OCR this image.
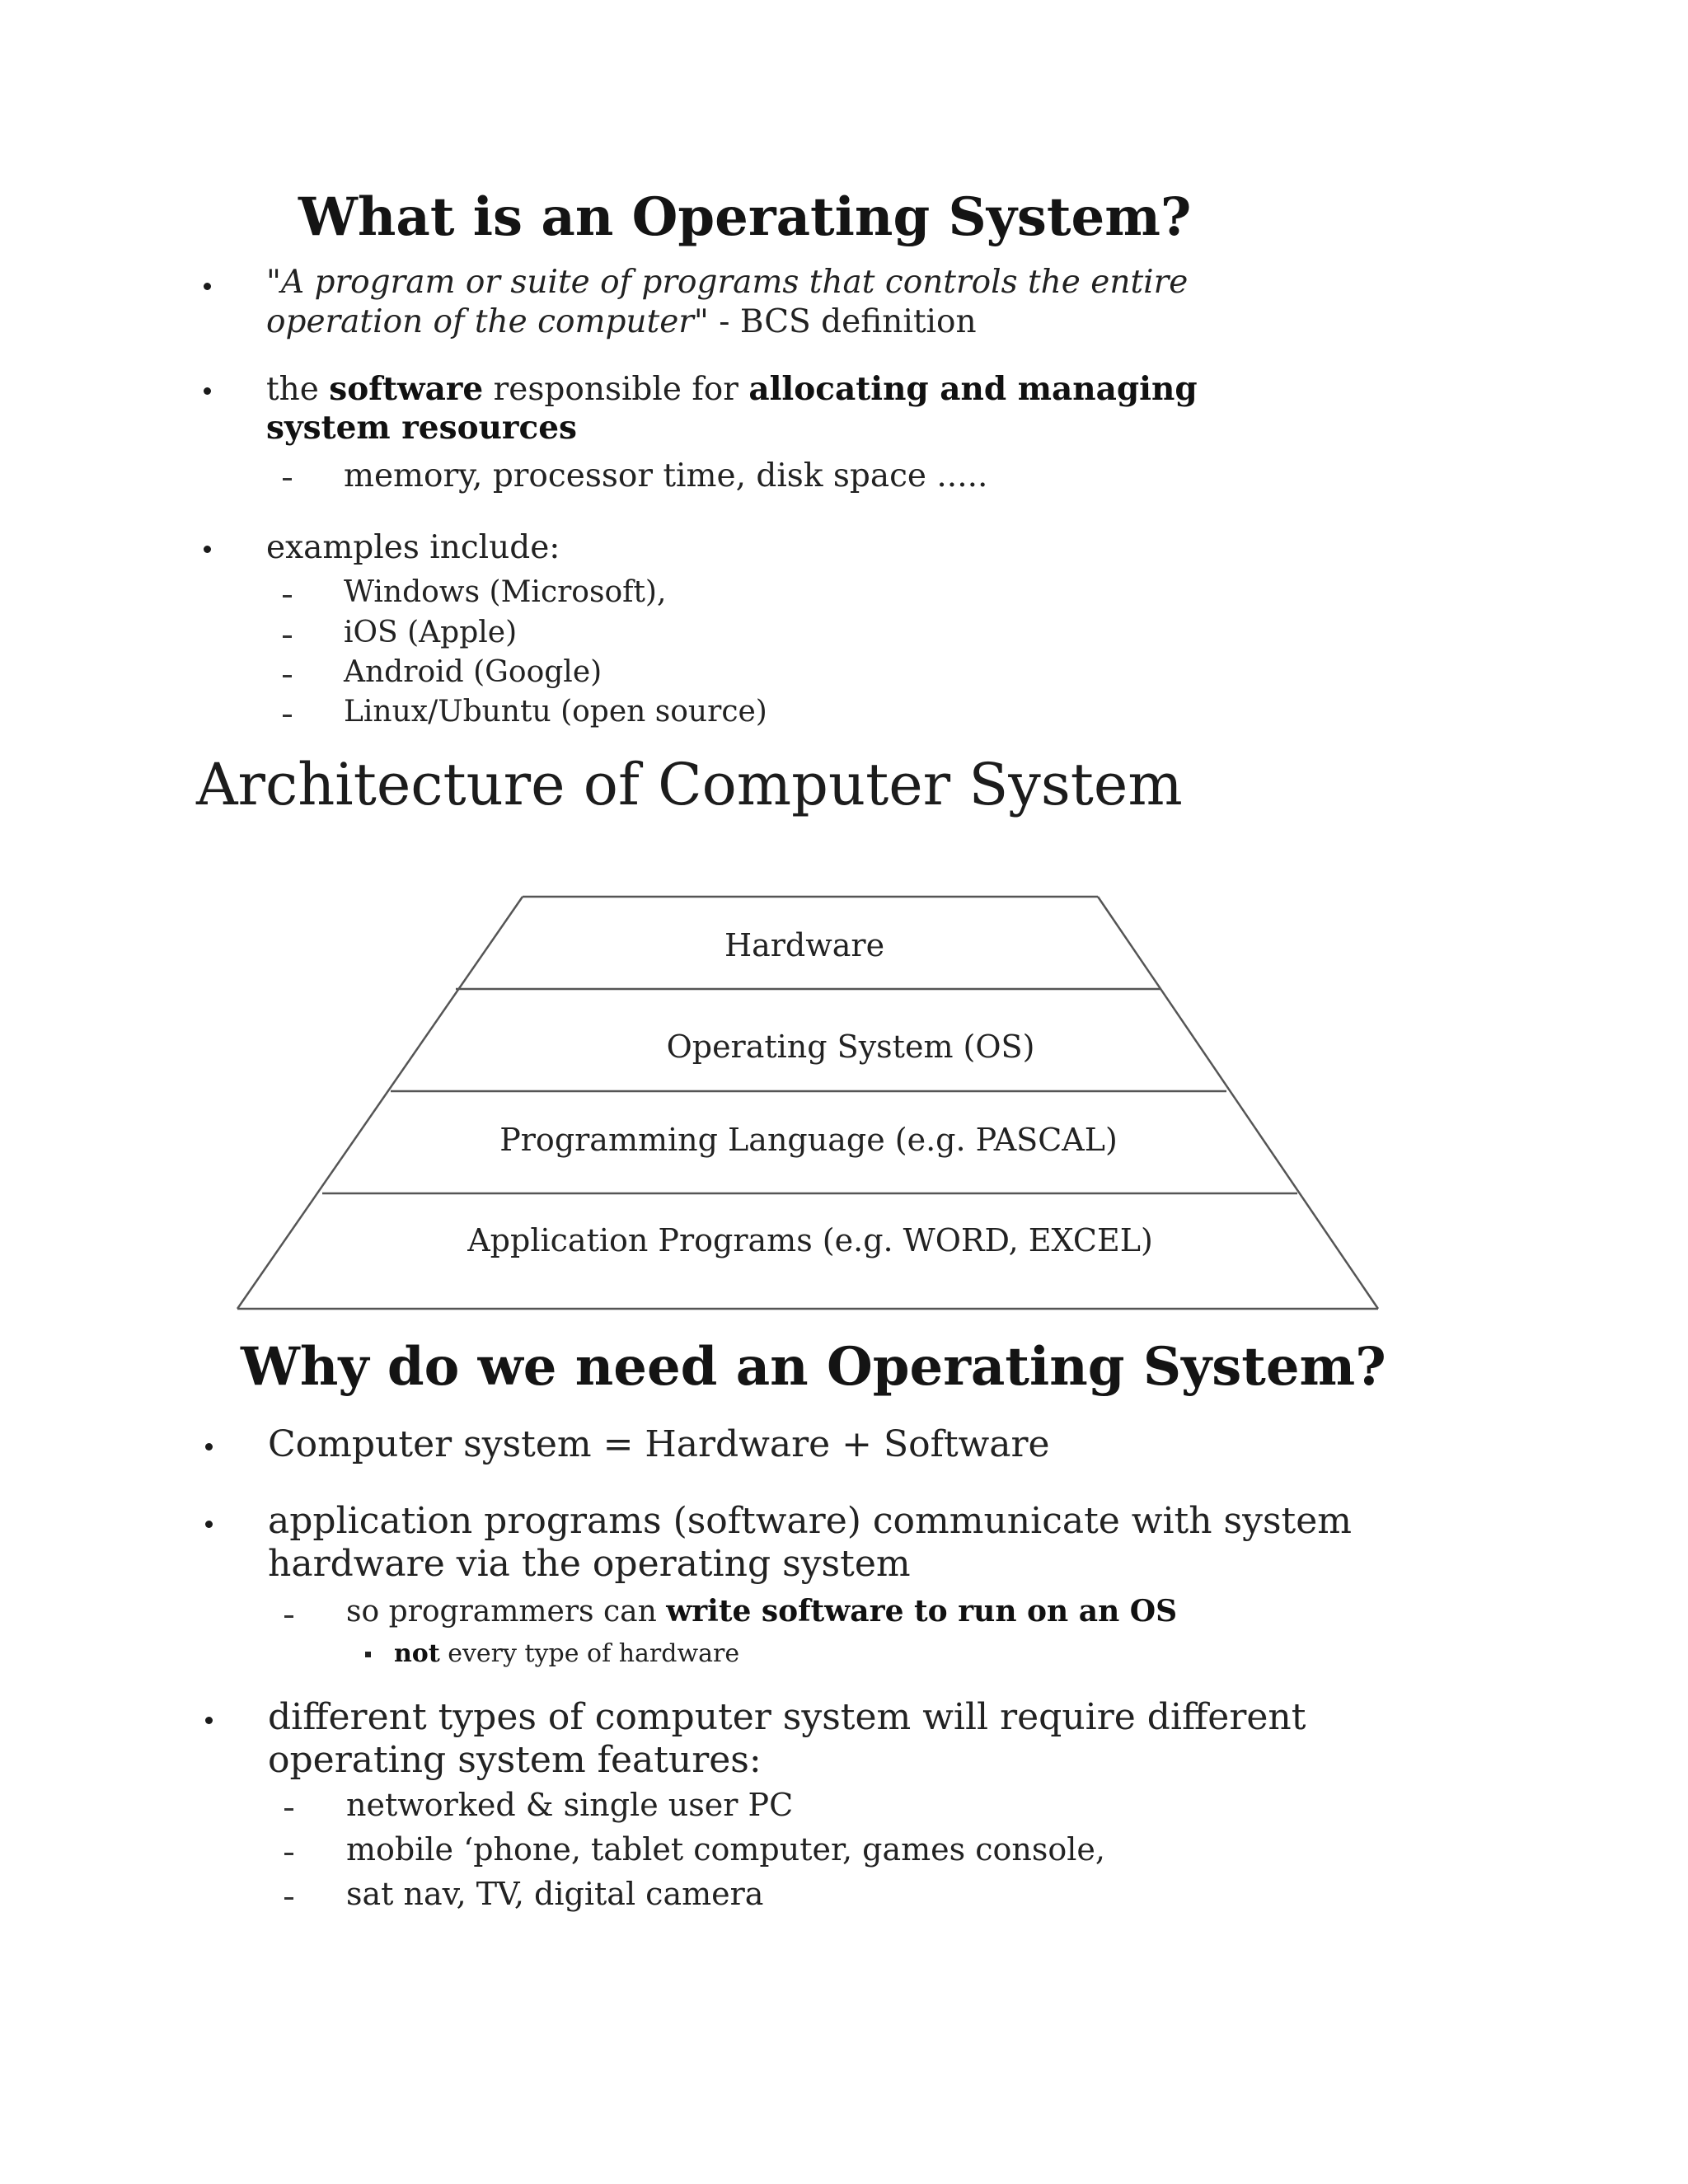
What is an Operating System?
"A program or suite of programs that controls the entire
operation of the computer" - BCS definition
the software responsible for allocating and managing
system resources
memory, processor time, disk space .....
examples include:
Windows (Microsoft),
iOS (Apple)
Android (Google)
Linux/Ubuntu (open source)
Architecture of Computer System
Hardware
Operating System (OS)
Programming Language (e.g. PASCAL)
Application Programs (e.g. WORD, EXCEL)
Why do we need an Operating System?
Computer system = Hardware + Software
application programs (software) communicate with system
hardware via the operating system
so programmers can write software to run on an OS
not every type of hardware
different types of computer system will require different
operating system features:
networked & single user PC
mobile ‘phone, tablet computer, games console,
sat nav, TV, digital camera
